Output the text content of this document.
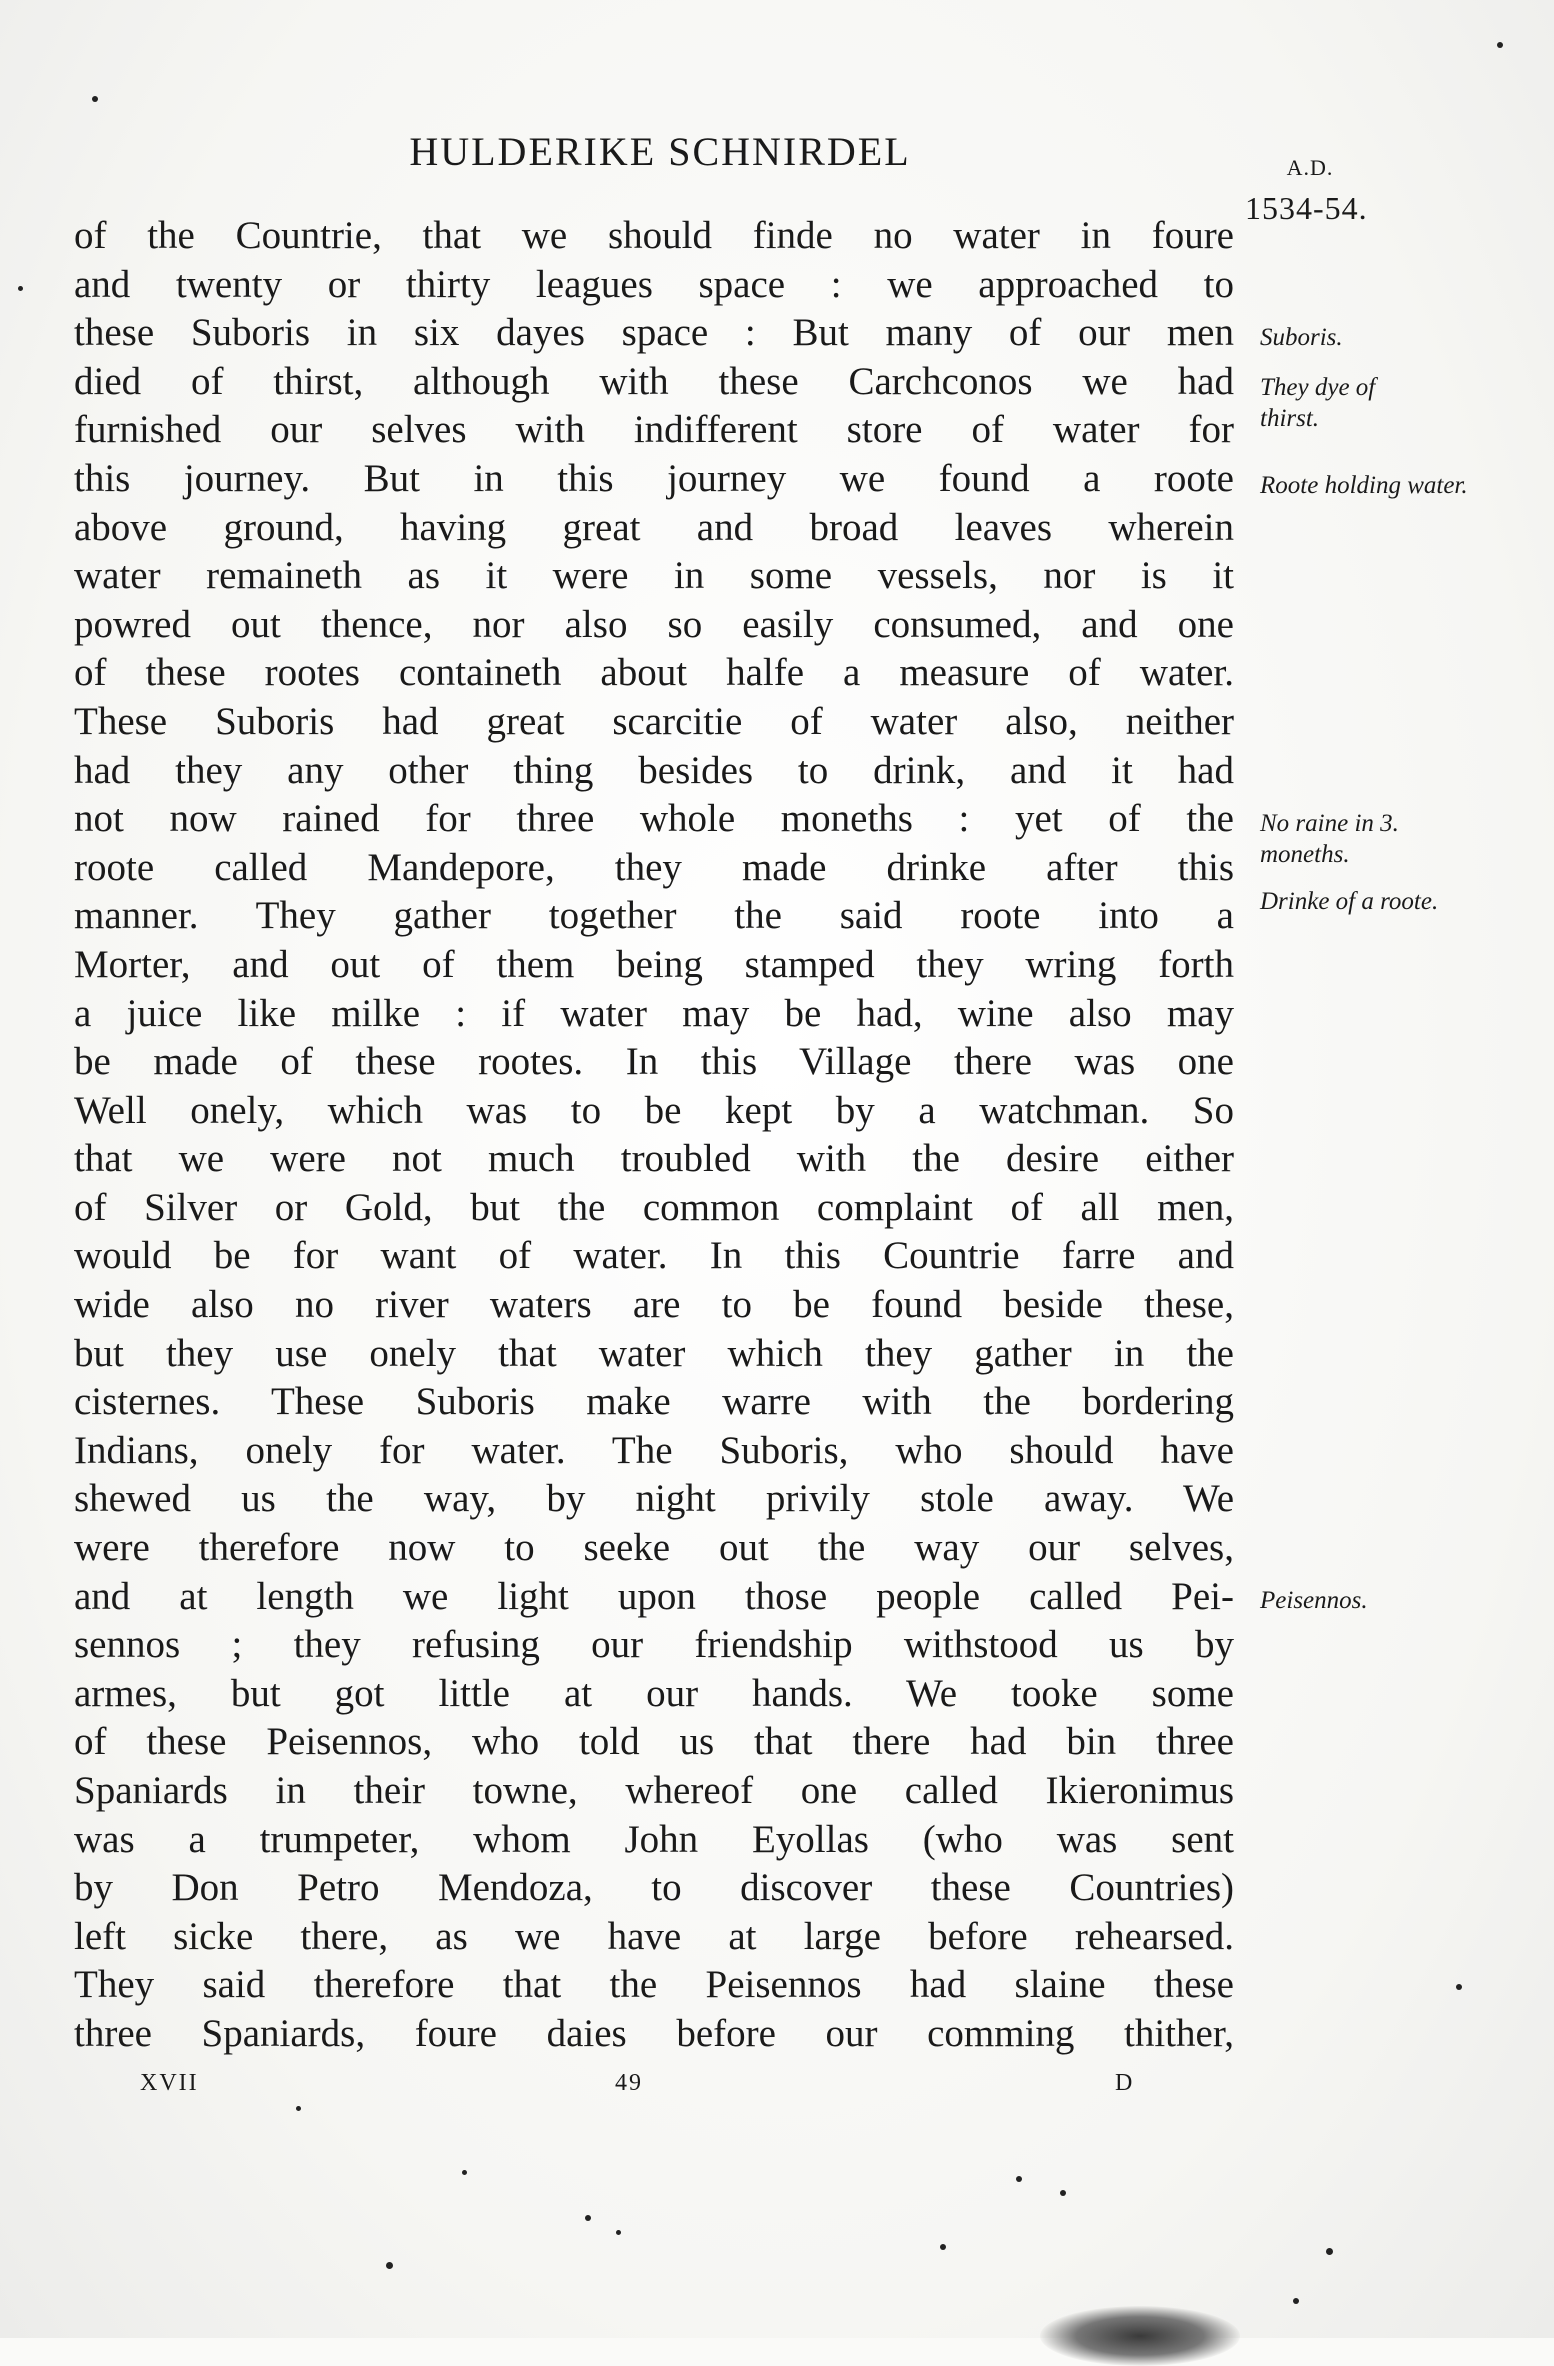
HULDERIKE SCHNIRDEL	A.D.
1534-54.
of the Countrie, that we should finde no water in foure
and twenty or thirty leagues space : we approached to
these Suboris in six dayes space : But many of our men
died of thirst, although with these Carchconos we had
furnished our selves with indifferent store of water for
this journey. But in this journey we found a roote
above ground, having great and broad leaves wherein
water remaineth as it were in some vessels, nor is it
powred out thence, nor also so easily consumed, and one
of these rootes containeth about halfe a measure of water.
These Suboris had great scarcitie of water also, neither
had they any other thing besides to drink, and it had
not now rained for three whole moneths : yet of the
roote called Mandepore, they made drinke after this
manner. They gather together the said roote into a
Morter, and out of them being stamped they wring forth
a juice like milke : if water may be had, wine also may
be made of these rootes. In this Village there was one
Well onely, which was to be kept by a watchman. So
that we were not much troubled with the desire either
of Silver or Gold, but the common complaint of all men,
would be for want of water. In this Countrie farre and
wide also no river waters are to be found beside these,
but they use onely that water which they gather in the
cisternes. These Suboris make warre with the bordering
Indians, onely for water. The Suboris, who should have
shewed us the way, by night privily stole away. We
were therefore now to seeke out the way our selves,
and at length we light upon those people called Pei-
sennos ; they refusing our friendship withstood us by
armes, but got little at our hands. We tooke some
of these Peisennos, who told us that there had bin three
Spaniards in their towne, whereof one called Ikieronimus
was a trumpeter, whom John Eyollas (who was sent
by Don Petro Mendoza, to discover these Countries)
left sicke there, as we have at large before rehearsed.
They said therefore that the Peisennos had slaine these
three Spaniards, foure daies before our comming thither,
Suboris.
They dye of thirst.
Roote holding water.
No raine in 3. moneths.
Drinke of a roote.
Peisennos.
XVII	49	D
